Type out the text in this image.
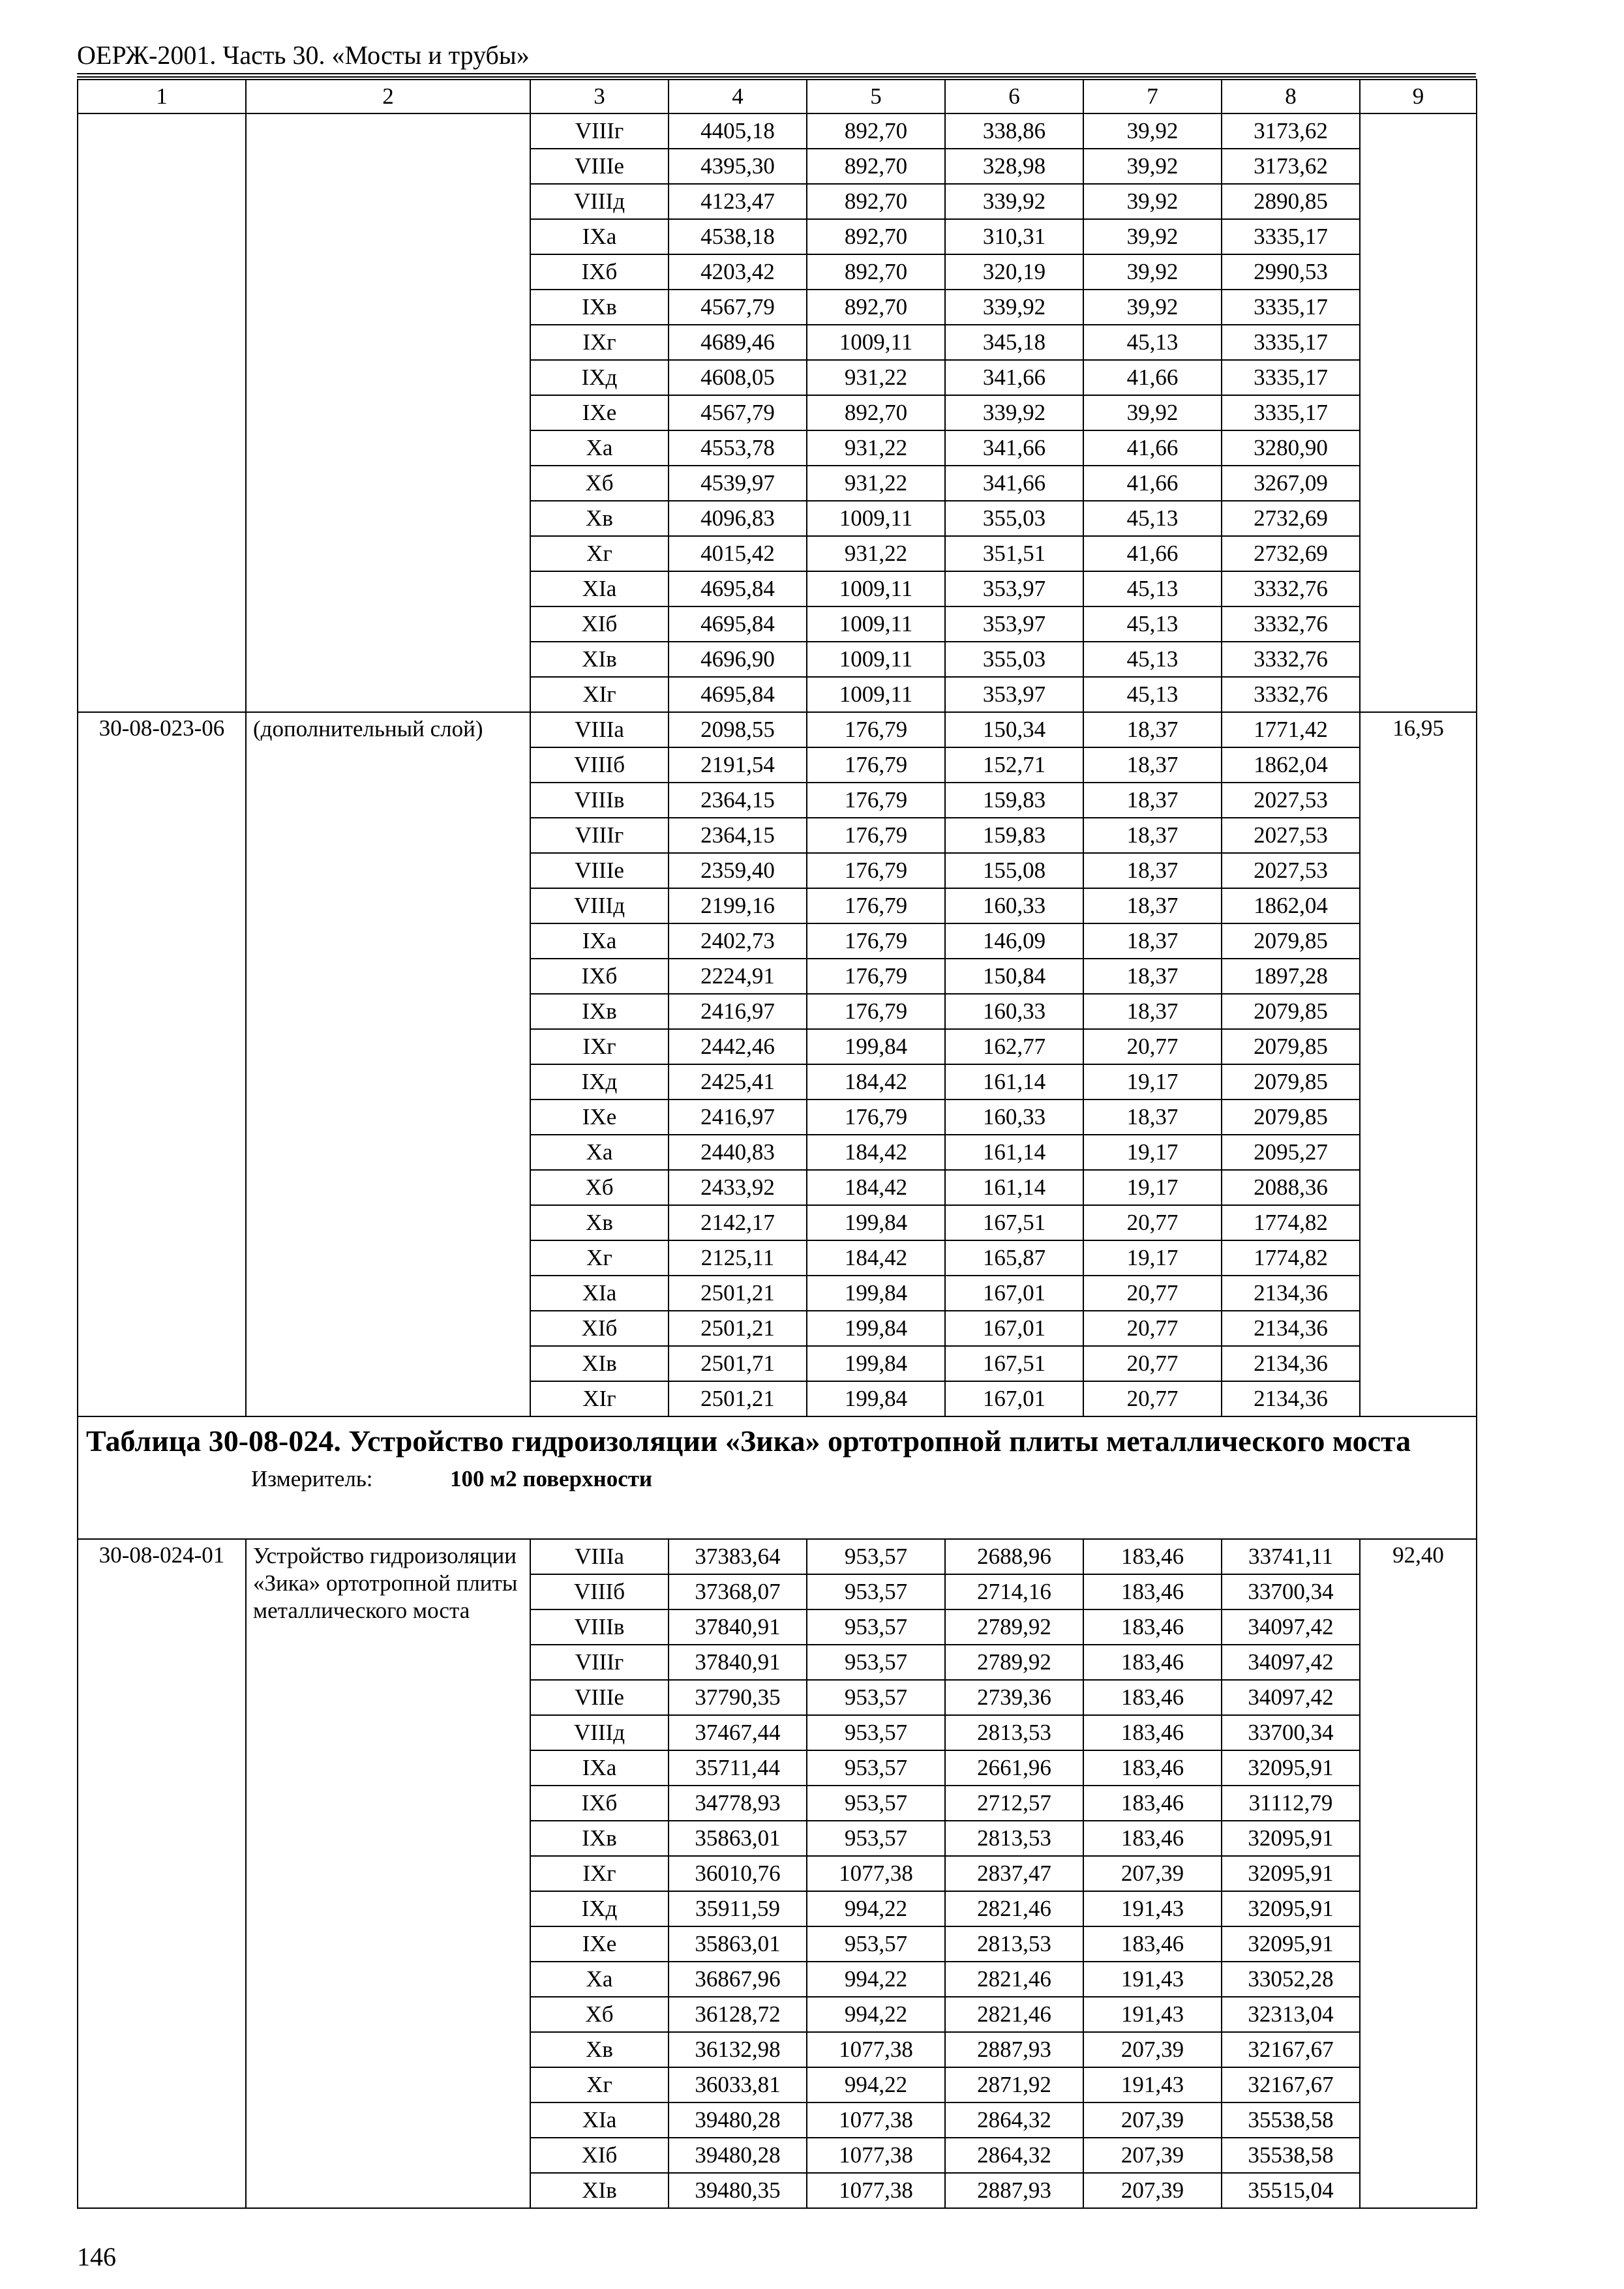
ОЕРЖ-2001. Часть 30. «Мосты и трубы»
1	2	3	4	5	6	7	8	9
		VIIIг	4405,18	892,70	338,86	39,92	3173,62	
		VIIIе	4395,30	892,70	328,98	39,92	3173,62	
		VIIIд	4123,47	892,70	339,92	39,92	2890,85	
		IХа	4538,18	892,70	310,31	39,92	3335,17	
		IХб	4203,42	892,70	320,19	39,92	2990,53	
		IХв	4567,79	892,70	339,92	39,92	3335,17	
		IХг	4689,46	1009,11	345,18	45,13	3335,17	
		IХд	4608,05	931,22	341,66	41,66	3335,17	
		IХе	4567,79	892,70	339,92	39,92	3335,17	
		Ха	4553,78	931,22	341,66	41,66	3280,90	
		Хб	4539,97	931,22	341,66	41,66	3267,09	
		Хв	4096,83	1009,11	355,03	45,13	2732,69	
		Хг	4015,42	931,22	351,51	41,66	2732,69	
		XIа	4695,84	1009,11	353,97	45,13	3332,76	
		XIб	4695,84	1009,11	353,97	45,13	3332,76	
		XIв	4696,90	1009,11	355,03	45,13	3332,76	
		XIг	4695,84	1009,11	353,97	45,13	3332,76	
30-08-023-06	(дополнительный слой)	VIIIа	2098,55	176,79	150,34	18,37	1771,42	16,95
		VIIIб	2191,54	176,79	152,71	18,37	1862,04	
		VIIIв	2364,15	176,79	159,83	18,37	2027,53	
		VIIIг	2364,15	176,79	159,83	18,37	2027,53	
		VIIIе	2359,40	176,79	155,08	18,37	2027,53	
		VIIIд	2199,16	176,79	160,33	18,37	1862,04	
		IХа	2402,73	176,79	146,09	18,37	2079,85	
		IХб	2224,91	176,79	150,84	18,37	1897,28	
		IХв	2416,97	176,79	160,33	18,37	2079,85	
		IХг	2442,46	199,84	162,77	20,77	2079,85	
		IХд	2425,41	184,42	161,14	19,17	2079,85	
		IХе	2416,97	176,79	160,33	18,37	2079,85	
		Ха	2440,83	184,42	161,14	19,17	2095,27	
		Хб	2433,92	184,42	161,14	19,17	2088,36	
		Хв	2142,17	199,84	167,51	20,77	1774,82	
		Хг	2125,11	184,42	165,87	19,17	1774,82	
		XIа	2501,21	199,84	167,01	20,77	2134,36	
		XIб	2501,21	199,84	167,01	20,77	2134,36	
		XIв	2501,71	199,84	167,51	20,77	2134,36	
		XIг	2501,21	199,84	167,01	20,77	2134,36	

Таблица 30-08-024. Устройство гидроизоляции «Зика» ортотропной плиты металлического моста
Измеритель: 100 м2 поверхности								

30-08-024-01	Устройство гидроизоляции «Зика» ортотропной плиты металлического моста	VIIIа	37383,64	953,57	2688,96	183,46	33741,11	92,40
		VIIIб	37368,07	953,57	2714,16	183,46	33700,34	
		VIIIв	37840,91	953,57	2789,92	183,46	34097,42	
		VIIIг	37840,91	953,57	2789,92	183,46	34097,42	
		VIIIе	37790,35	953,57	2739,36	183,46	34097,42	
		VIIIд	37467,44	953,57	2813,53	183,46	33700,34	
		IХа	35711,44	953,57	2661,96	183,46	32095,91	
		IХб	34778,93	953,57	2712,57	183,46	31112,79	
		IХв	35863,01	953,57	2813,53	183,46	32095,91	
		IХг	36010,76	1077,38	2837,47	207,39	32095,91	
		IХд	35911,59	994,22	2821,46	191,43	32095,91	
		IХе	35863,01	953,57	2813,53	183,46	32095,91	
		Ха	36867,96	994,22	2821,46	191,43	33052,28	
		Хб	36128,72	994,22	2821,46	191,43	32313,04	
		Хв	36132,98	1077,38	2887,93	207,39	32167,67	
		Хг	36033,81	994,22	2871,92	191,43	32167,67	
		XIа	39480,28	1077,38	2864,32	207,39	35538,58	
		XIб	39480,28	1077,38	2864,32	207,39	35538,58	
		XIв	39480,35	1077,38	2887,93	207,39	35515,04	
146
